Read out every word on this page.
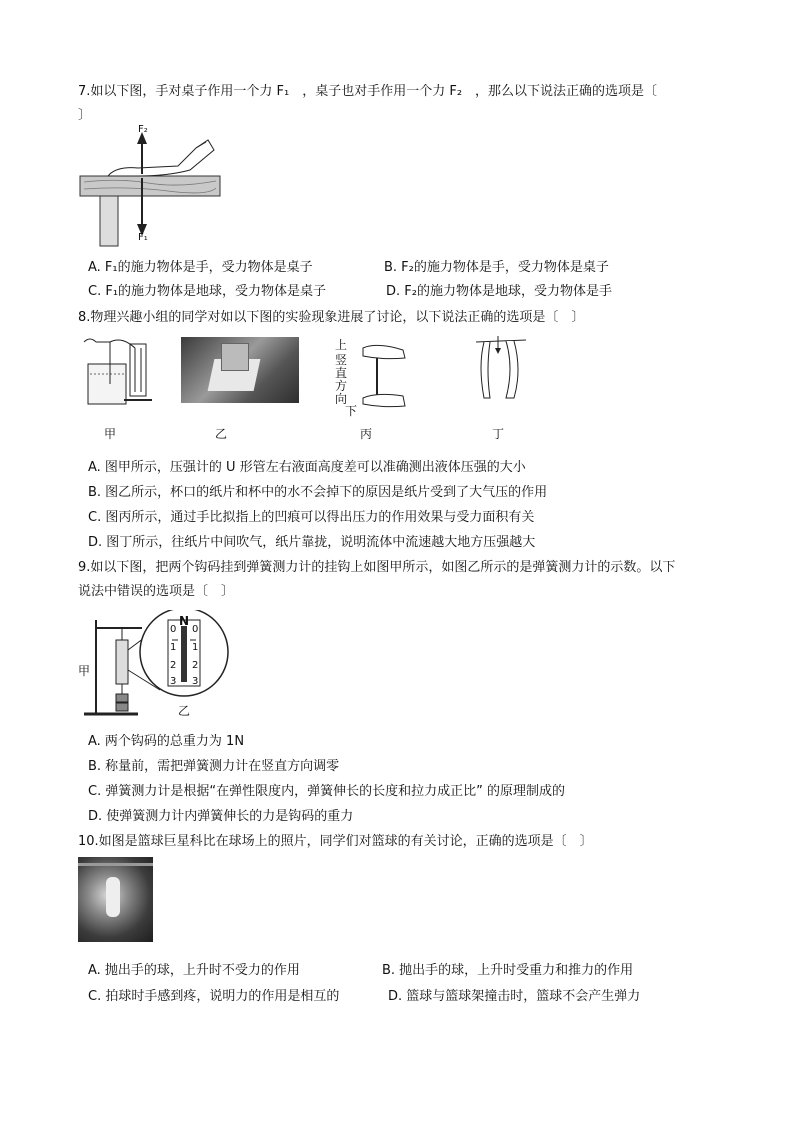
7.如以下图，手对桌子作用一个力 F₁　，桌子也对手作用一个力 F₂　，那么以下说法正确的选项是〔
〕
F₂
F₁
A. F₁的施力物体是手，受力物体是桌子	B. F₂的施力物体是手，受力物体是桌子
C. F₁的施力物体是地球，受力物体是桌子	D. F₂的施力物体是地球，受力物体是手
8.物理兴趣小组的同学对如以下图的实验现象进展了讨论，以下说法正确的选项是〔　〕
上
竖
直
方
向
下
甲	乙	丙	丁
A. 图甲所示，压强计的 U 形管左右液面高度差可以准确测出液体压强的大小
B. 图乙所示，杯口的纸片和杯中的水不会掉下的原因是纸片受到了大气压的作用
C. 图丙所示，通过手比拟指上的凹痕可以得出压力的作用效果与受力面积有关
D. 图丁所示，往纸片中间吹气，纸片靠拢，说明流体中流速越大地方压强越大
9.如以下图，把两个钩码挂到弹簧测力计的挂钩上如图甲所示，如图乙所示的是弹簧测力计的示数。以下
说法中错误的选项是〔　〕
甲
乙
N
0
1
2
3
0
1
2
3
A. 两个钩码的总重力为 1N
B. 称量前，需把弹簧测力计在竖直方向调零
C. 弹簧测力计是根据“在弹性限度内，弹簧伸长的长度和拉力成正比” 的原理制成的
D. 使弹簧测力计内弹簧伸长的力是钩码的重力
10.如图是篮球巨星科比在球场上的照片，同学们对篮球的有关讨论，正确的选项是〔　〕
A. 抛出手的球，上升时不受力的作用	B. 抛出手的球，上升时受重力和推力的作用
C. 拍球时手感到疼，说明力的作用是相互的	D. 篮球与篮球架撞击时，篮球不会产生弹力
